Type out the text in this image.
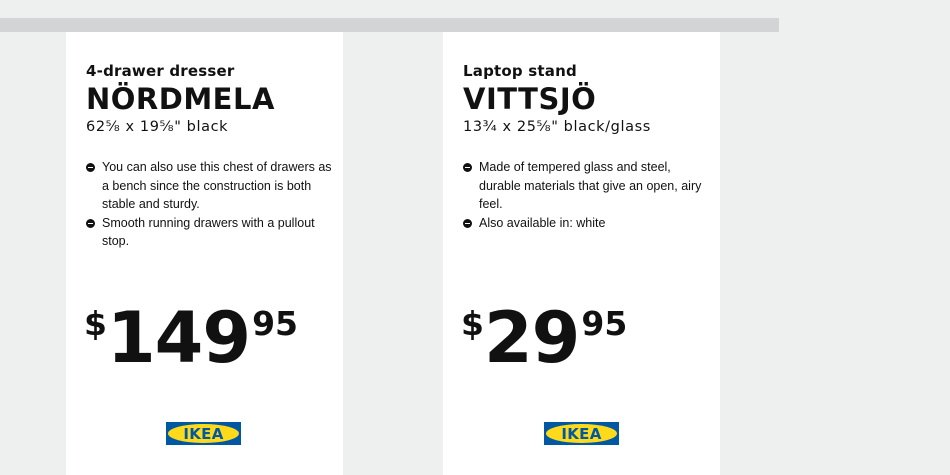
4-drawer dresser
NÖRDMELA
62⅝ x 19⅝" black
You can also use this chest of drawers as a bench since the construction is both stable and sturdy.
Smooth running drawers with a pullout stop.
$14995
IKEA
Laptop stand
VITTSJÖ
13¾ x 25⅝" black/glass
Made of tempered glass and steel, durable materials that give an open, airy feel.
Also available in: white
$2995
IKEA
